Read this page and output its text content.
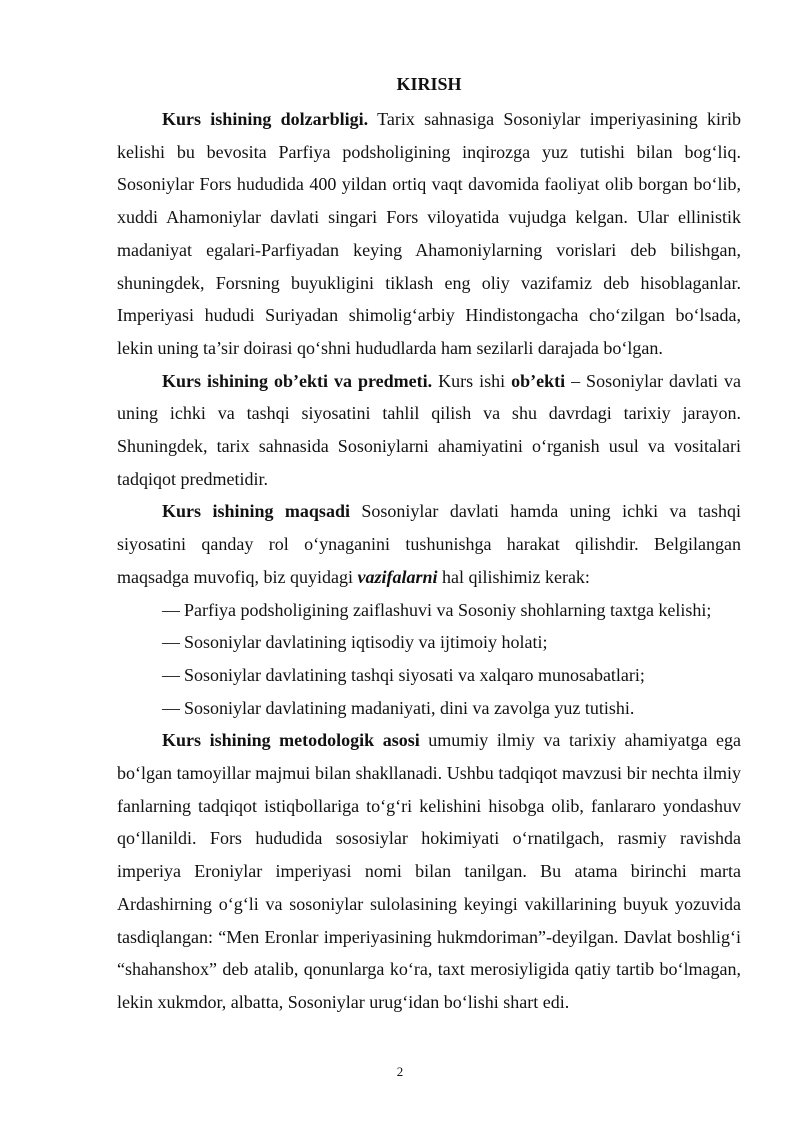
KIRISH

Kurs ishining dolzarbligi. Tarix sahnasiga Sosoniylar imperiyasining kirib kelishi bu bevosita Parfiya podsholigining inqirozga yuz tutishi bilan bog‘liq. Sosoniylar Fors hududida 400 yildan ortiq vaqt davomida faoliyat olib borgan bo‘lib, xuddi Ahamoniylar davlati singari Fors viloyatida vujudga kelgan. Ular ellinistik madaniyat egalari-Parfiyadan keying Ahamoniylarning vorislari deb bilishgan, shuningdek, Forsning buyukligini tiklash eng oliy vazifamiz deb hisoblaganlar. Imperiyasi hududi Suriyadan shimolig‘arbiy Hindistongacha cho‘zilgan bo‘lsada, lekin uning ta’sir doirasi qo‘shni hududlarda ham sezilarli darajada bo‘lgan.

Kurs ishining ob’ekti va predmeti. Kurs ishi ob’ekti – Sosoniylar davlati va uning ichki va tashqi siyosatini tahlil qilish va shu davrdagi tarixiy jarayon. Shuningdek, tarix sahnasida Sosoniylarni ahamiyatini o‘rganish usul va vositalari tadqiqot predmetidir.

Kurs ishining maqsadi Sosoniylar davlati hamda uning ichki va tashqi siyosatini qanday rol o‘ynaganini tushunishga harakat qilishdir. Belgilangan maqsadga muvofiq, biz quyidagi vazifalarni hal qilishimiz kerak:

— Parfiya podsholigining zaiflashuvi va Sosoniy shohlarning taxtga kelishi;

— Sosoniylar davlatining iqtisodiy va ijtimoiy holati;

— Sosoniylar davlatining tashqi siyosati va xalqaro munosabatlari;

— Sosoniylar davlatining madaniyati, dini va zavolga yuz tutishi.

Kurs ishining metodologik asosi umumiy ilmiy va tarixiy ahamiyatga ega bo‘lgan tamoyillar majmui bilan shakllanadi. Ushbu tadqiqot mavzusi bir nechta ilmiy fanlarning tadqiqot istiqbollariga to‘g‘ri kelishini hisobga olib, fanlararo yondashuv qo‘llanildi. Fors hududida sososiylar hokimiyati o‘rnatilgach, rasmiy ravishda imperiya Eroniylar imperiyasi nomi bilan tanilgan. Bu atama birinchi marta Ardashirning o‘g‘li va sosoniylar sulolasining keyingi vakillarining buyuk yozuvida tasdiqlangan: “Men Eronlar imperiyasining hukmdoriman”-deyilgan. Davlat boshlig‘i “shahanshox” deb atalib, qonunlarga ko‘ra, taxt merosiyligida qatiy tartib bo‘lmagan, lekin xukmdor, albatta, Sosoniylar urug‘idan bo‘lishi shart edi.

2
